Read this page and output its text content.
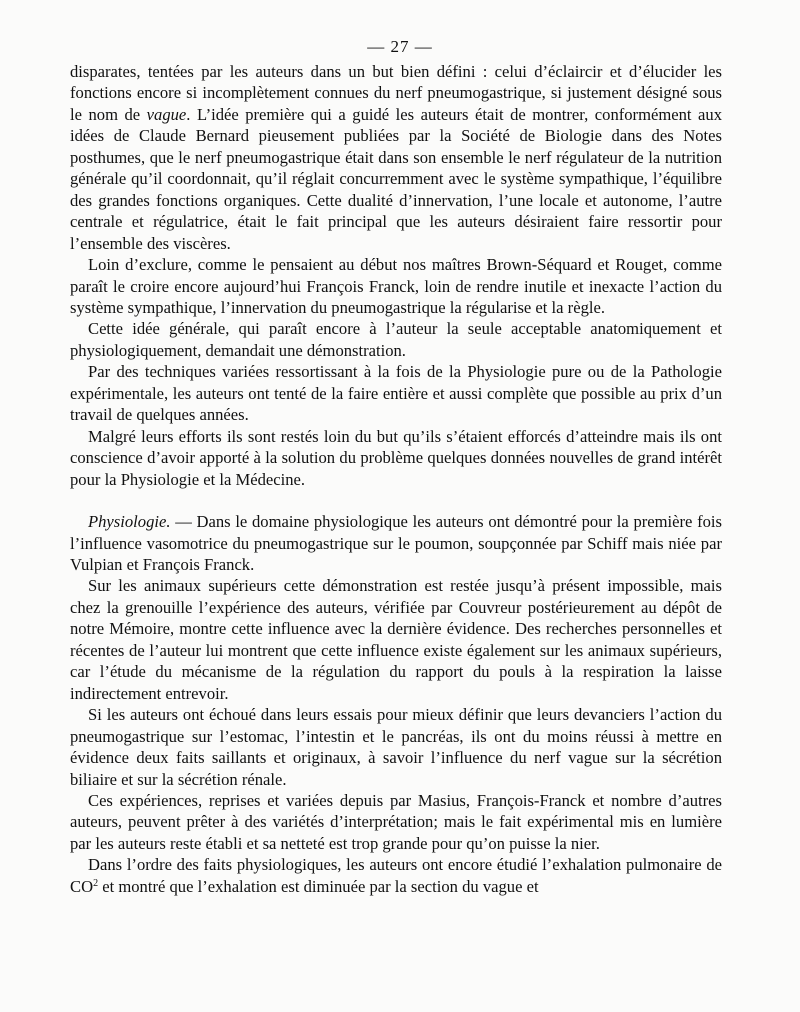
— 27 —

disparates, tentées par les auteurs dans un but bien défini : celui d’éclaircir et d’élucider les fonctions encore si incomplètement connues du nerf pneumogastrique, si justement désigné sous le nom de vague. L’idée première qui a guidé les auteurs était de montrer, conformément aux idées de Claude Bernard pieusement publiées par la Société de Biologie dans des Notes posthumes, que le nerf pneumogastrique était dans son ensemble le nerf régulateur de la nutrition générale qu’il coordonnait, qu’il réglait concurremment avec le système sympathique, l’équilibre des grandes fonctions organiques. Cette dualité d’innervation, l’une locale et autonome, l’autre centrale et régulatrice, était le fait principal que les auteurs désiraient faire ressortir pour l’ensemble des viscères.

Loin d’exclure, comme le pensaient au début nos maîtres Brown-Séquard et Rouget, comme paraît le croire encore aujourd’hui François Franck, loin de rendre inutile et inexacte l’action du système sympathique, l’innervation du pneumogastrique la régularise et la règle.

Cette idée générale, qui paraît encore à l’auteur la seule acceptable anatomiquement et physiologiquement, demandait une démonstration.

Par des techniques variées ressortissant à la fois de la Physiologie pure ou de la Pathologie expérimentale, les auteurs ont tenté de la faire entière et aussi complète que possible au prix d’un travail de quelques années.

Malgré leurs efforts ils sont restés loin du but qu’ils s’étaient efforcés d’atteindre mais ils ont conscience d’avoir apporté à la solution du problème quelques données nouvelles de grand intérêt pour la Physiologie et la Médecine.

Physiologie. — Dans le domaine physiologique les auteurs ont démontré pour la première fois l’influence vasomotrice du pneumogastrique sur le poumon, soupçonnée par Schiff mais niée par Vulpian et François Franck.

Sur les animaux supérieurs cette démonstration est restée jusqu’à présent impossible, mais chez la grenouille l’expérience des auteurs, vérifiée par Couvreur postérieurement au dépôt de notre Mémoire, montre cette influence avec la dernière évidence. Des recherches personnelles et récentes de l’auteur lui montrent que cette influence existe également sur les animaux supérieurs, car l’étude du mécanisme de la régulation du rapport du pouls à la respiration la laisse indirectement entrevoir.

Si les auteurs ont échoué dans leurs essais pour mieux définir que leurs devanciers l’action du pneumogastrique sur l’estomac, l’intestin et le pancréas, ils ont du moins réussi à mettre en évidence deux faits saillants et originaux, à savoir l’influence du nerf vague sur la sécrétion biliaire et sur la sécrétion rénale.

Ces expériences, reprises et variées depuis par Masius, François-Franck et nombre d’autres auteurs, peuvent prêter à des variétés d’interprétation; mais le fait expérimental mis en lumière par les auteurs reste établi et sa netteté est trop grande pour qu’on puisse la nier.

Dans l’ordre des faits physiologiques, les auteurs ont encore étudié l’exhalation pulmonaire de $CO^2$ et montré que l’exhalation est diminuée par la section du vague et
